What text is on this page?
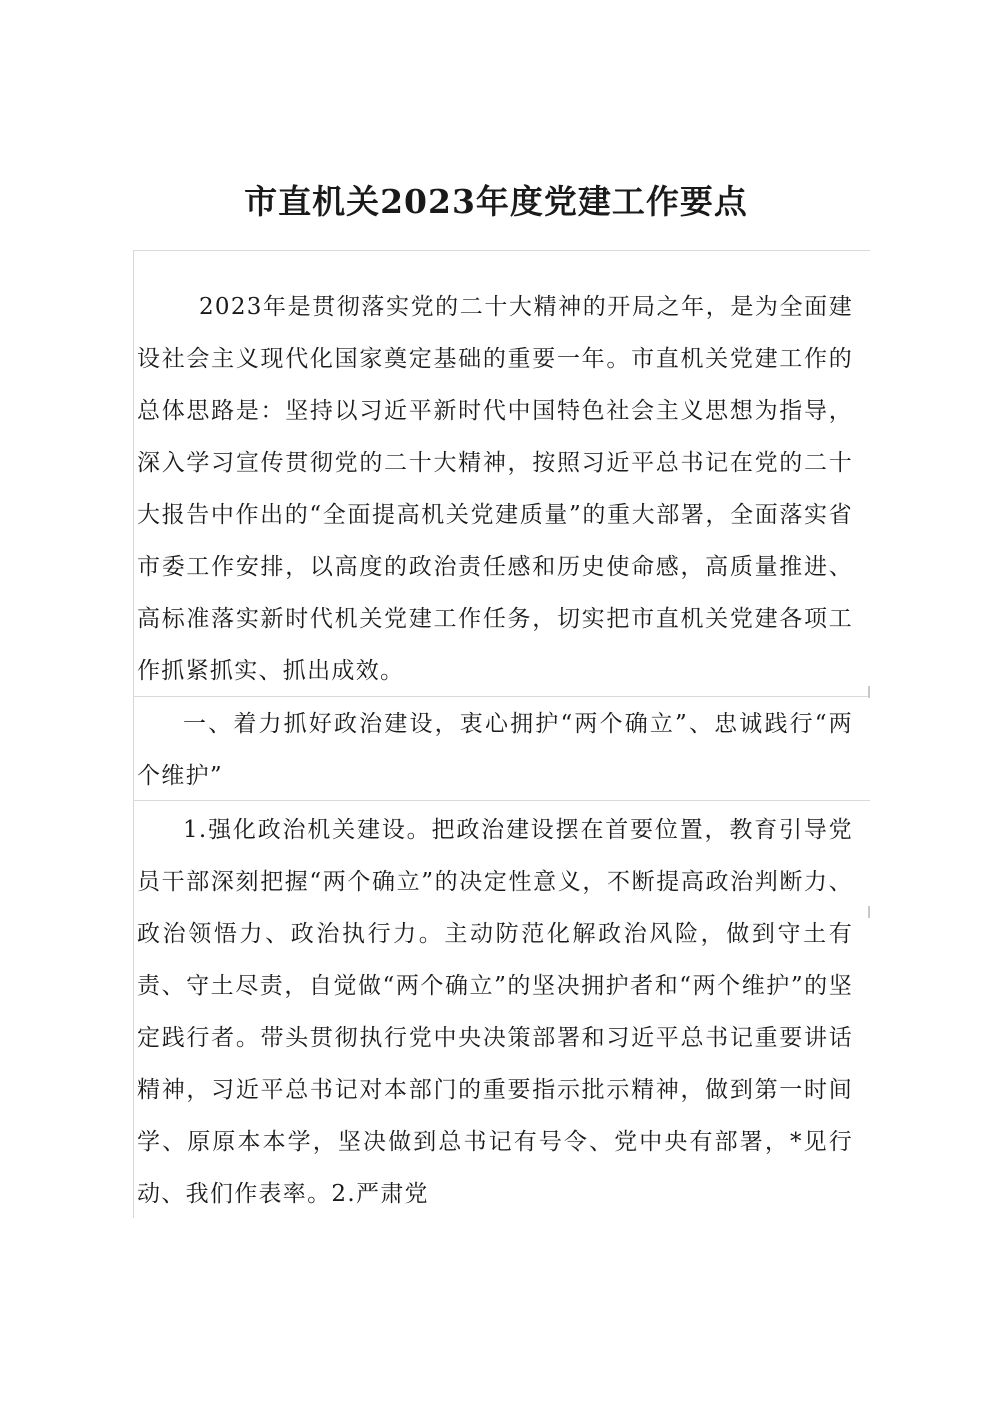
市直机关2023年度党建工作要点

2023年是贯彻落实党的二十大精神的开局之年，是为全面建设社会主义现代化国家奠定基础的重要一年。市直机关党建工作的总体思路是：坚持以习近平新时代中国特色社会主义思想为指导，深入学习宣传贯彻党的二十大精神，按照习近平总书记在党的二十大报告中作出的“全面提高机关党建质量”的重大部署，全面落实省市委工作安排，以高度的政治责任感和历史使命感，高质量推进、高标准落实新时代机关党建工作任务，切实把市直机关党建各项工作抓紧抓实、抓出成效。

一、着力抓好政治建设，衷心拥护“两个确立”、忠诚践行“两个维护”

1.强化政治机关建设。把政治建设摆在首要位置，教育引导党员干部深刻把握“两个确立”的决定性意义，不断提高政治判断力、政治领悟力、政治执行力。主动防范化解政治风险，做到守土有责、守土尽责，自觉做“两个确立”的坚决拥护者和“两个维护”的坚定践行者。带头贯彻执行党中央决策部署和习近平总书记重要讲话精神，习近平总书记对本部门的重要指示批示精神，做到第一时间学、原原本本学，坚决做到总书记有号令、党中央有部署，*见行动、我们作表率。2.严肃党
